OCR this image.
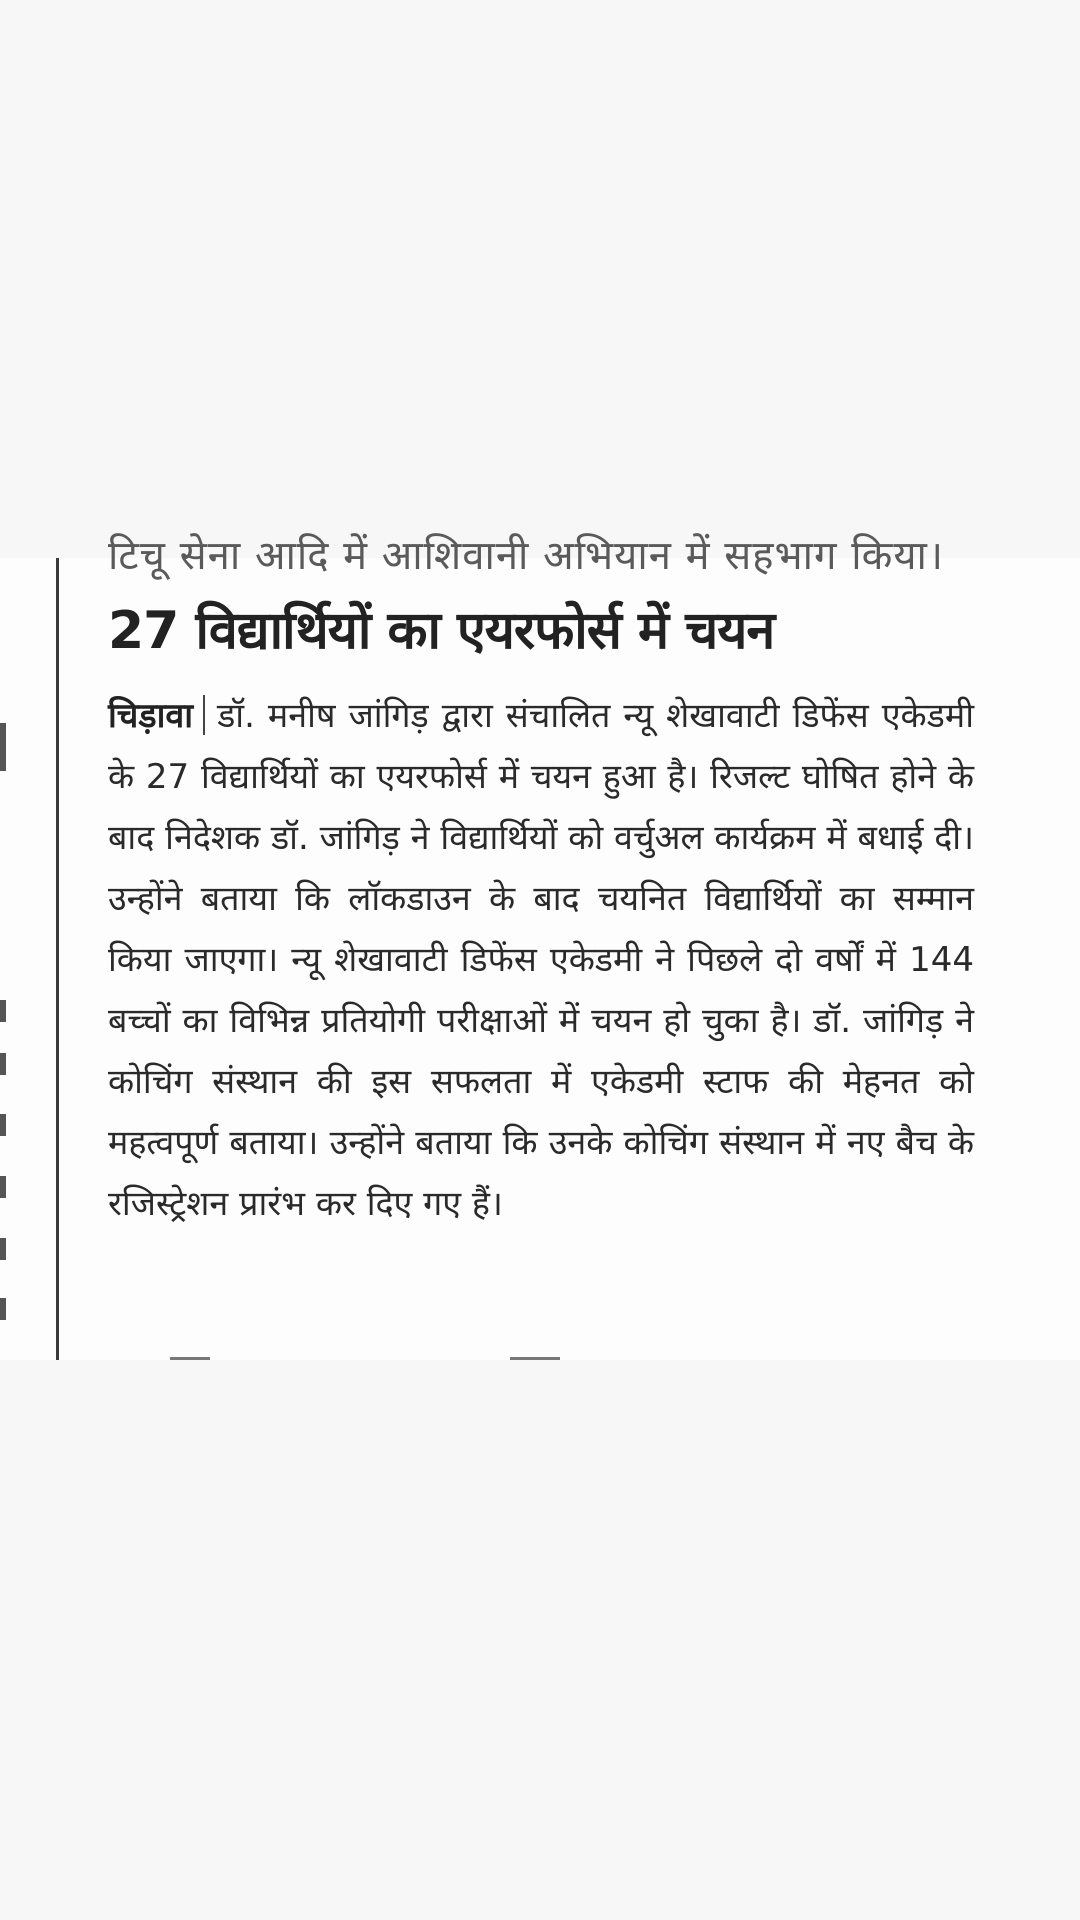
टिचू सेना आदि में आशिवानी अभियान में सहभाग किया।
27 विद्यार्थियों का एयरफोर्स में चयन
चिड़ावा डॉ. मनीष जांगिड़ द्वारा संचालित न्यू शेखावाटी डिफेंस एकेडमी के 27 विद्यार्थियों का एयरफोर्स में चयन हुआ है। रिजल्ट घोषित होने के बाद निदेशक डॉ. जांगिड़ ने विद्यार्थियों को वर्चुअल कार्यक्रम में बधाई दी। उन्होंने बताया कि लॉकडाउन के बाद चयनित विद्यार्थियों का सम्मान किया जाएगा। न्यू शेखावाटी डिफेंस एकेडमी ने पिछले दो वर्षों में 144 बच्चों का विभिन्न प्रतियोगी परीक्षाओं में चयन हो चुका है। डॉ. जांगिड़ ने कोचिंग संस्थान की इस सफलता में एकेडमी स्टाफ की मेहनत को महत्वपूर्ण बताया। उन्होंने बताया कि उनके कोचिंग संस्थान में नए बैच के रजिस्ट्रेशन प्रारंभ कर दिए गए हैं।
